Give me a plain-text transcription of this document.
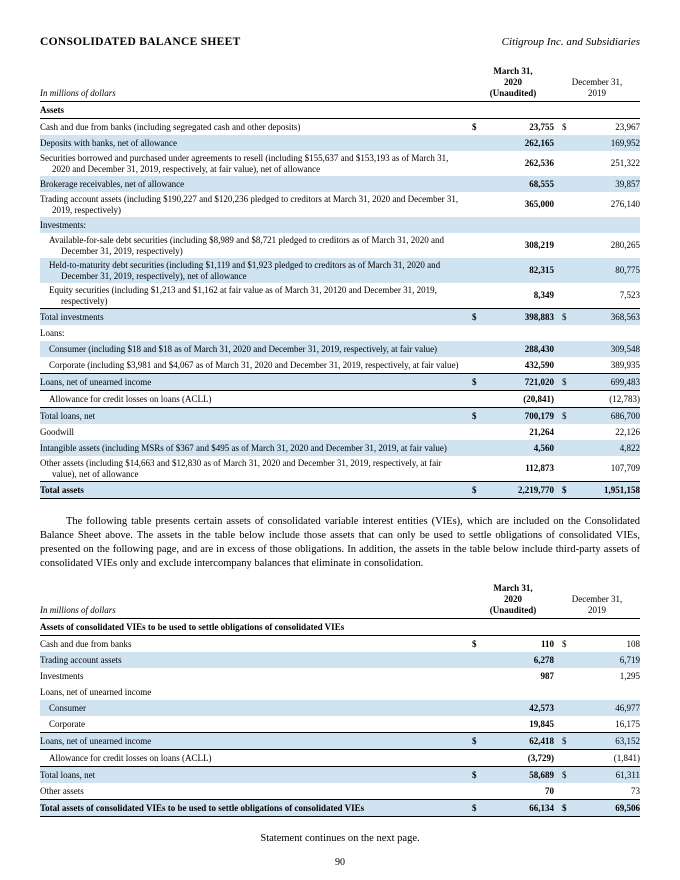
CONSOLIDATED BALANCE SHEET	Citigroup Inc. and Subsidiaries
In millions of dollars
March 31,
2020
(Unaudited)
December 31,
2019
Assets
Cash and due from banks (including segregated cash and other deposits)	$	23,755 $	23,967
Deposits with banks, net of allowance	262,165	169,952
Securities borrowed and purchased under agreements to resell (including $155,637 and $153,193 as of March 31, 2020 and December 31, 2019, respectively, at fair value), net of allowance
262,536	251,322
Brokerage receivables, net of allowance	68,555	39,857
Trading account assets (including $190,227 and $120,236 pledged to creditors at March 31, 2020 and December 31, 2019, respectively)
365,000	276,140
Investments:
Available-for-sale debt securities (including $8,989 and $8,721 pledged to creditors as of March 31, 2020 and December 31, 2019, respectively)
308,219	280,265
Held-to-maturity debt securities (including $1,119 and $1,923 pledged to creditors as of March 31, 2020 and December 31, 2019, respectively), net of allowance
82,315	80,775
Equity securities (including $1,213 and $1,162 at fair value as of March 31, 20120 and December 31, 2019, respectively)
8,349	7,523
Total investments	$	398,883 $	368,563
Loans:
Consumer (including $18 and $18 as of March 31, 2020 and December 31, 2019, respectively, at fair value)	288,430	309,548
Corporate (including $3,981 and $4,067 as of March 31, 2020 and December 31, 2019, respectively, at fair value)	432,590	389,935
Loans, net of unearned income	$	721,020 $	699,483
Allowance for credit losses on loans (ACLL)	(20,841)	(12,783)
Total loans, net	$	700,179 $	686,700
Goodwill	21,264	22,126
Intangible assets (including MSRs of $367 and $495 as of March 31, 2020 and December 31, 2019, at fair value)	4,560	4,822
Other assets (including $14,663 and $12,830 as of March 31, 2020 and December 31, 2019, respectively, at fair value), net of allowance
112,873	107,709
Total assets	$	2,219,770 $	1,951,158

The following table presents certain assets of consolidated variable interest entities (VIEs), which are included on the Consolidated Balance Sheet above. The assets in the table below include those assets that can only be used to settle obligations of consolidated VIEs, presented on the following page, and are in excess of those obligations. In addition, the assets in the table below include third-party assets of consolidated VIEs only and exclude intercompany balances that eliminate in consolidation.

In millions of dollars
March 31,
2020
(Unaudited)
December 31,
2019
Assets of consolidated VIEs to be used to settle obligations of consolidated VIEs
Cash and due from banks	$	110 $	108
Trading account assets	6,278	6,719
Investments	987	1,295
Loans, net of unearned income
Consumer	42,573	46,977
Corporate	19,845	16,175
Loans, net of unearned income	$	62,418 $	63,152
Allowance for credit losses on loans (ACLL)	(3,729)	(1,841)
Total loans, net	$	58,689 $	61,311
Other assets	70	73
Total assets of consolidated VIEs to be used to settle obligations of consolidated VIEs	$	66,134 $	69,506
Statement continues on the next page.
90
